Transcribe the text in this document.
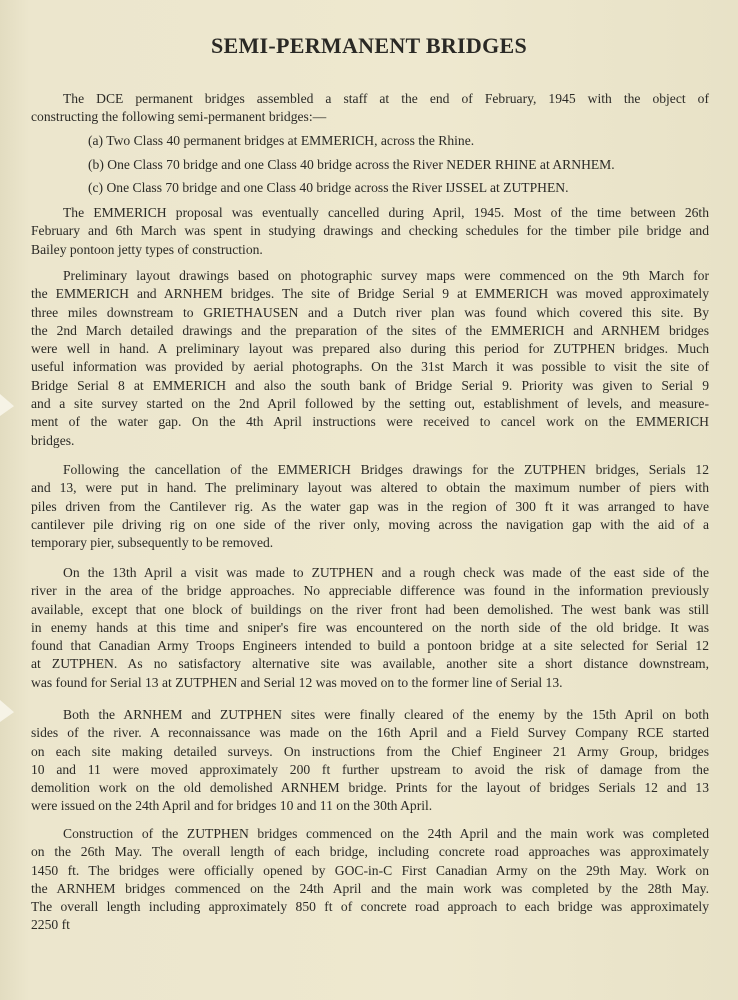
SEMI-PERMANENT BRIDGES
The DCE permanent bridges assembled a staff at the end of February, 1945 with the object of
constructing the following semi-permanent bridges:—
(a) Two Class 40 permanent bridges at EMMERICH, across the Rhine.
(b) One Class 70 bridge and one Class 40 bridge across the River NEDER RHINE at ARNHEM.
(c) One Class 70 bridge and one Class 40 bridge across the River IJSSEL at ZUTPHEN.
The EMMERICH proposal was eventually cancelled during April, 1945. Most of the time between 26th
February and 6th March was spent in studying drawings and checking schedules for the timber pile bridge and
Bailey pontoon jetty types of construction.
Preliminary layout drawings based on photographic survey maps were commenced on the 9th March for
the EMMERICH and ARNHEM bridges. The site of Bridge Serial 9 at EMMERICH was moved approximately
three miles downstream to GRIETHAUSEN and a Dutch river plan was found which covered this site. By
the 2nd March detailed drawings and the preparation of the sites of the EMMERICH and ARNHEM bridges
were well in hand. A preliminary layout was prepared also during this period for ZUTPHEN bridges. Much
useful information was provided by aerial photographs. On the 31st March it was possible to visit the site of
Bridge Serial 8 at EMMERICH and also the south bank of Bridge Serial 9. Priority was given to Serial 9
and a site survey started on the 2nd April followed by the setting out, establishment of levels, and measure-
ment of the water gap. On the 4th April instructions were received to cancel work on the EMMERICH
bridges.
Following the cancellation of the EMMERICH Bridges drawings for the ZUTPHEN bridges, Serials 12
and 13, were put in hand. The preliminary layout was altered to obtain the maximum number of piers with
piles driven from the Cantilever rig. As the water gap was in the region of 300 ft it was arranged to have
cantilever pile driving rig on one side of the river only, moving across the navigation gap with the aid of a
temporary pier, subsequently to be removed.
On the 13th April a visit was made to ZUTPHEN and a rough check was made of the east side of the
river in the area of the bridge approaches. No appreciable difference was found in the information previously
available, except that one block of buildings on the river front had been demolished. The west bank was still
in enemy hands at this time and sniper's fire was encountered on the north side of the old bridge. It was
found that Canadian Army Troops Engineers intended to build a pontoon bridge at a site selected for Serial 12
at ZUTPHEN. As no satisfactory alternative site was available, another site a short distance downstream,
was found for Serial 13 at ZUTPHEN and Serial 12 was moved on to the former line of Serial 13.
Both the ARNHEM and ZUTPHEN sites were finally cleared of the enemy by the 15th April on both
sides of the river. A reconnaissance was made on the 16th April and a Field Survey Company RCE started
on each site making detailed surveys. On instructions from the Chief Engineer 21 Army Group, bridges
10 and 11 were moved approximately 200 ft further upstream to avoid the risk of damage from the
demolition work on the old demolished ARNHEM bridge. Prints for the layout of bridges Serials 12 and 13
were issued on the 24th April and for bridges 10 and 11 on the 30th April.
Construction of the ZUTPHEN bridges commenced on the 24th April and the main work was completed
on the 26th May. The overall length of each bridge, including concrete road approaches was approximately
1450 ft. The bridges were officially opened by GOC-in-C First Canadian Army on the 29th May. Work on
the ARNHEM bridges commenced on the 24th April and the main work was completed by the 28th May.
The overall length including approximately 850 ft of concrete road approach to each bridge was approximately
2250 ft
